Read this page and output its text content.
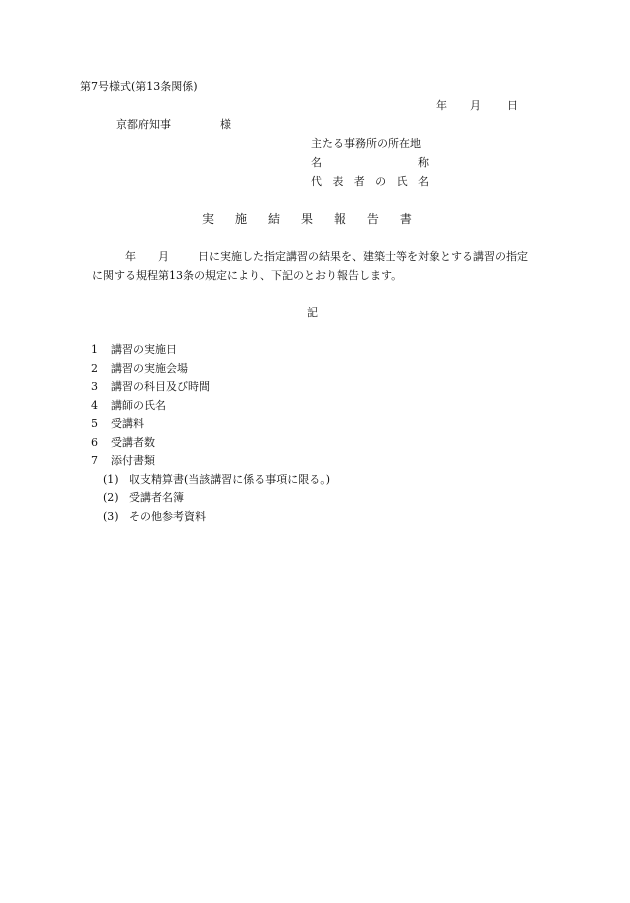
第7号様式(第13条関係)
年 月 日
京都府知事	様
主たる事務所の所在地
名	称
代 表 者 の 氏 名
実 施 結 果 報 告 書
年 月	日に実施した指定講習の結果を、建築士等を対象とする講習の指定
に関する規程第13条の規定により、下記のとおり報告します。
記
1 講習の実施日
2 講習の実施会場
3 講習の科目及び時間
4 講師の氏名
5 受講料
6 受講者数
7 添付書類
(1) 収支精算書(当該講習に係る事項に限る。)
(2) 受講者名簿
(3) その他参考資料
